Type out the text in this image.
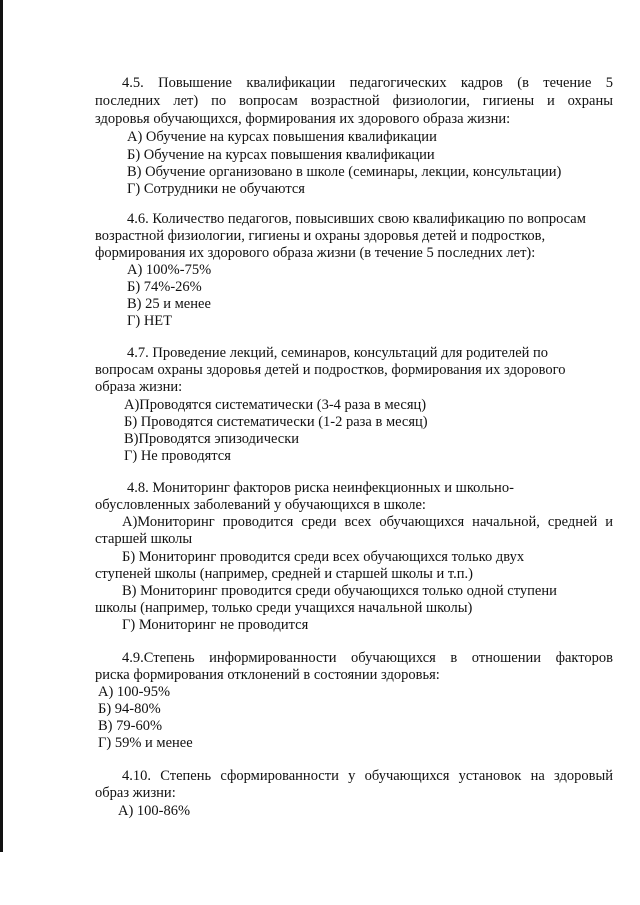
4.5. Повышение квалификации педагогических кадров (в течение 5
последних лет) по вопросам возрастной физиологии, гигиены и охраны
здоровья обучающихся, формирования их здорового образа жизни:
А) Обучение на курсах повышения квалификации
Б) Обучение на курсах повышения квалификации
В) Обучение организовано в школе (семинары, лекции, консультации)
Г) Сотрудники не обучаются
4.6. Количество педагогов, повысивших свою квалификацию по вопросам
возрастной физиологии, гигиены и охраны здоровья детей и подростков,
формирования их здорового образа жизни (в течение 5 последних лет):
А) 100%-75%
Б) 74%-26%
В) 25 и менее
Г) НЕТ
4.7. Проведение лекций, семинаров, консультаций для родителей по
вопросам охраны здоровья детей и подростков, формирования их здорового
образа жизни:
А)Проводятся систематически (3-4 раза в месяц)
Б) Проводятся систематически (1-2 раза в месяц)
В)Проводятся эпизодически
Г) Не проводятся
4.8. Мониторинг факторов риска неинфекционных и школьно-
обусловленных заболеваний у обучающихся в школе:
А)Мониторинг проводится среди всех обучающихся начальной, средней и
старшей школы
Б) Мониторинг проводится среди всех обучающихся только двух
ступеней школы (например, средней и старшей школы и т.п.)
В) Мониторинг проводится среди обучающихся только одной ступени
школы (например, только среди учащихся начальной школы)
Г) Мониторинг не проводится
4.9.Степень информированности обучающихся в отношении факторов
риска формирования отклонений в состоянии здоровья:
А) 100-95%
Б) 94-80%
В) 79-60%
Г) 59% и менее
4.10. Степень сформированности у обучающихся установок на здоровый
образ жизни:
А) 100-86%
